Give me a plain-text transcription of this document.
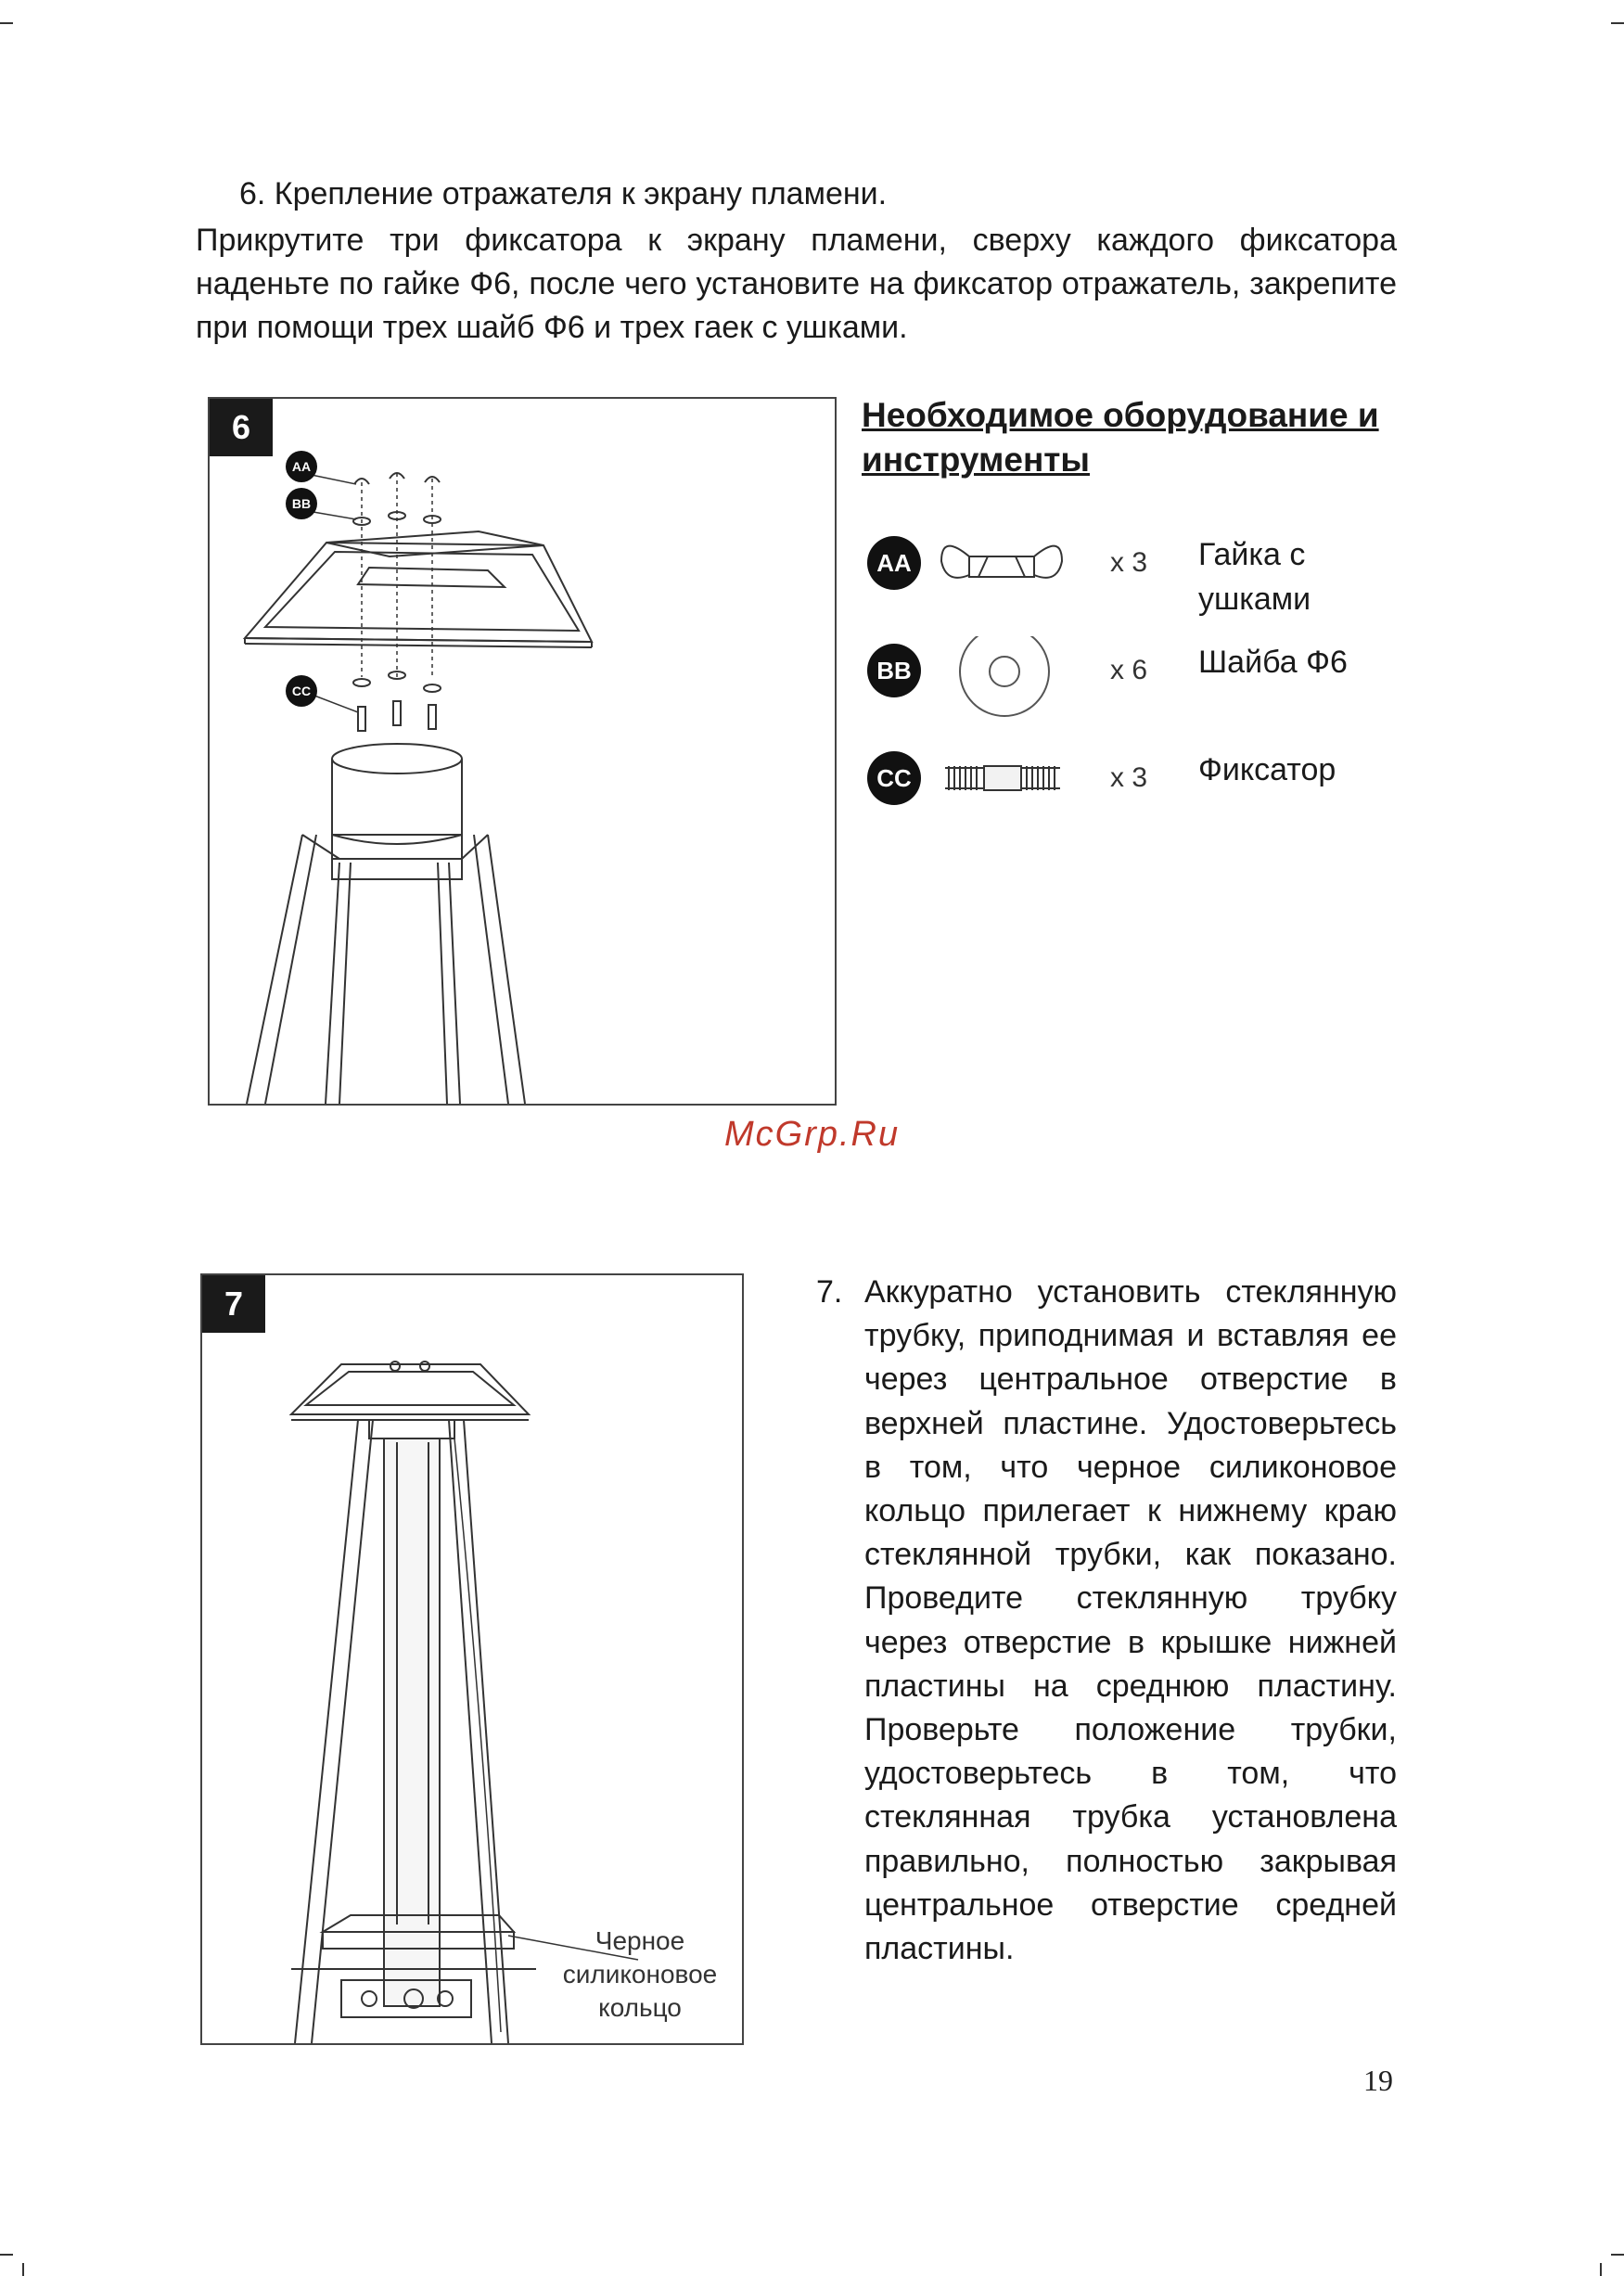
6. Крепление отражателя к экрану пламени.

Прикрутите три фиксатора к экрану пламени, сверху каждого фиксатора наденьте по гайке Ф6, после чего установите на фиксатор отражатель, закрепите при помощи трех шайб Ф6 и трех гаек с ушками.

6
AA
BB
CC
Необходимое оборудование и инструменты
AA	x 3 Гайка с ушками
BB	x 6 Шайба Ф6
CC	x 3 Фиксатор
McGrp.Ru
7
Черное силиконовое кольцо
7. Аккуратно установить стеклянную трубку, приподнимая и вставляя ее через центральное отверстие в верхней пластине. Удостоверьтесь в том, что черное силиконовое кольцо прилегает к нижнему краю стеклянной трубки, как показано. Проведите стеклянную трубку через отверстие в крышке нижней пластины на среднюю пластину. Проверьте положение трубки, удостоверьтесь в том, что стеклянная трубка установлена правильно, полностью закрывая центральное отверстие средней пластины.
19
